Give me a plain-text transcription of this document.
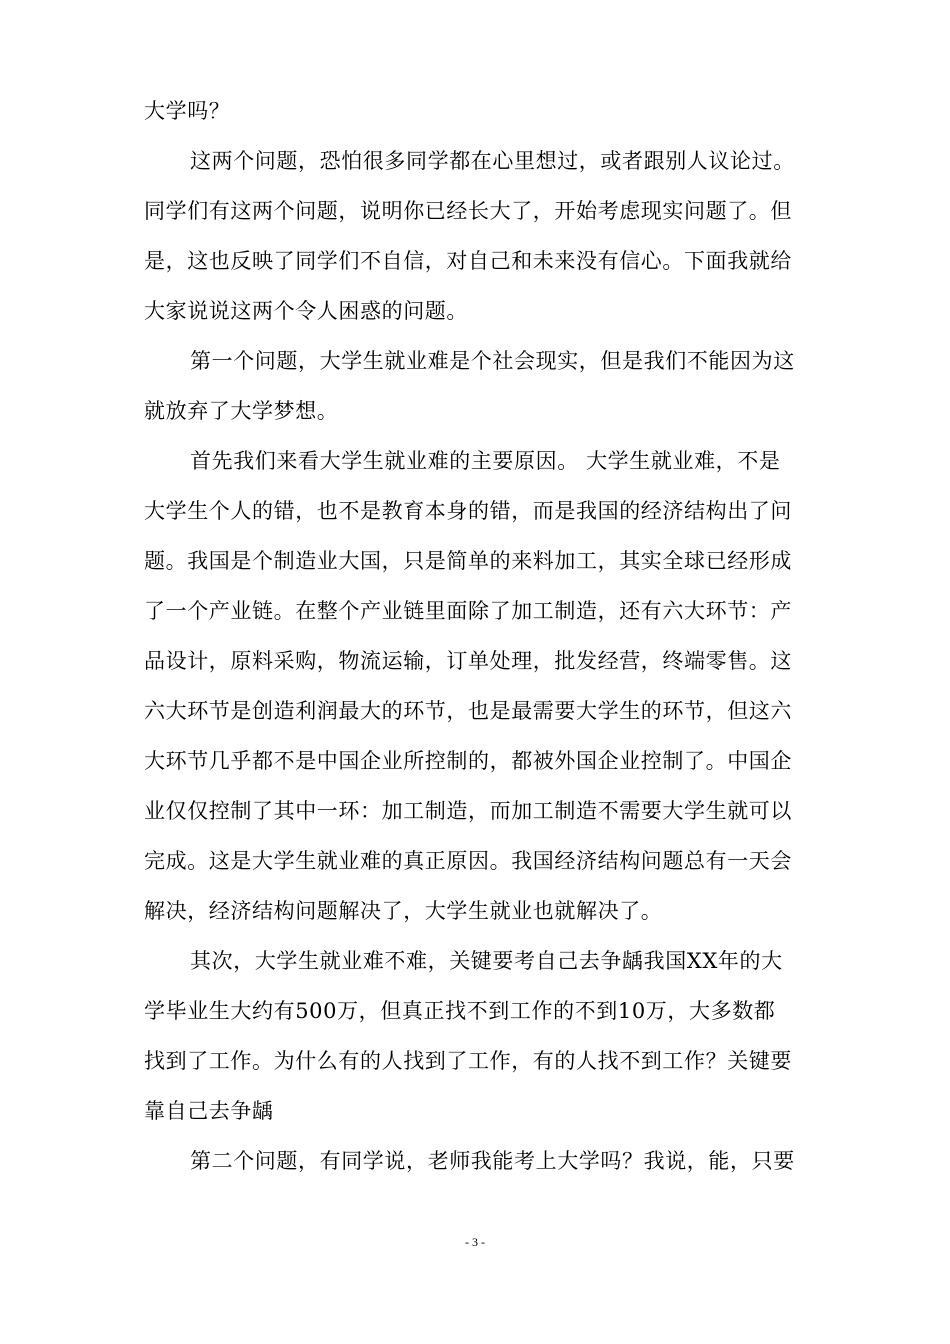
大学吗？
这两个问题，恐怕很多同学都在心里想过，或者跟别人议论过。
同学们有这两个问题，说明你已经长大了，开始考虑现实问题了。但
是，这也反映了同学们不自信，对自己和未来没有信心。下面我就给
大家说说这两个令人困惑的问题。
第一个问题，大学生就业难是个社会现实，但是我们不能因为这
就放弃了大学梦想。
首先我们来看大学生就业难的主要原因。 大学生就业难，不是
大学生个人的错，也不是教育本身的错，而是我国的经济结构出了问
题。我国是个制造业大国，只是简单的来料加工，其实全球已经形成
了一个产业链。在整个产业链里面除了加工制造，还有六大环节：产
品设计，原料采购，物流运输，订单处理，批发经营，终端零售。这
六大环节是创造利润最大的环节，也是最需要大学生的环节，但这六
大环节几乎都不是中国企业所控制的，都被外国企业控制了。中国企
业仅仅控制了其中一环：加工制造，而加工制造不需要大学生就可以
完成。这是大学生就业难的真正原因。我国经济结构问题总有一天会
解决，经济结构问题解决了，大学生就业也就解决了。
其次，大学生就业难不难，关键要考自己去争龋我国XX年的大
学毕业生大约有500万，但真正找不到工作的不到10万，大多数都
找到了工作。为什么有的人找到了工作，有的人找不到工作？关键要
靠自己去争龋
第二个问题，有同学说，老师我能考上大学吗？我说，能，只要
- 3 -
